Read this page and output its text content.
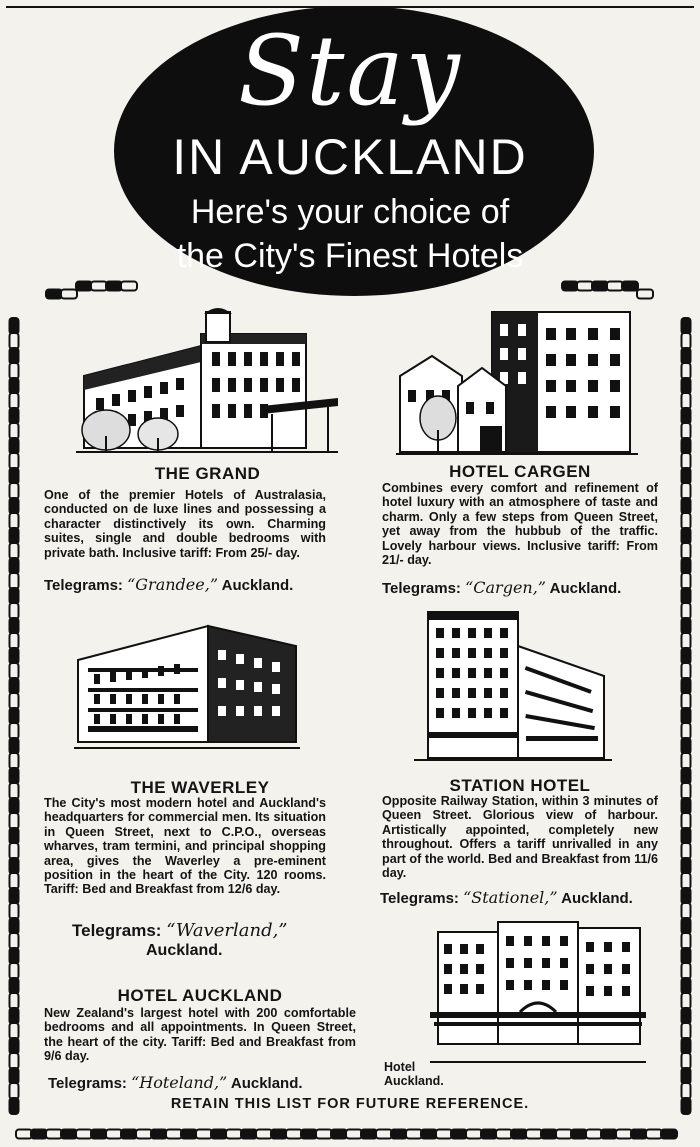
Stay
IN AUCKLAND
Here's your choice of
the City's Finest Hotels
THE GRAND

One of the premier Hotels of Australasia, conducted on de luxe lines and possessing a character distinctively its own. Charming suites, single and double bedrooms with private bath. Inclusive tariff: From 25/- day.

Telegrams: “Grandee,” Auckland.
HOTEL CARGEN

Combines every comfort and refinement of hotel luxury with an atmosphere of taste and charm. Only a few steps from Queen Street, yet away from the hubbub of the traffic. Lovely harbour views. Inclusive tariff: From 21/- day.

Telegrams: “Cargen,” Auckland.
THE WAVERLEY

The City's most modern hotel and Auckland's headquarters for commercial men. Its situation in Queen Street, next to C.P.O., overseas wharves, tram termini, and principal shopping area, gives the Waverley a pre-eminent position in the heart of the City. 120 rooms. Tariff: Bed and Breakfast from 12/6 day.

Telegrams: “Waverland,”
Auckland.
STATION HOTEL

Opposite Railway Station, within 3 minutes of Queen Street. Glorious view of harbour. Artistically appointed, completely new throughout. Offers a tariff unrivalled in any part of the world. Bed and Breakfast from 11/6 day.

Telegrams: “Stationel,” Auckland.
Hotel
Auckland.
HOTEL AUCKLAND

New Zealand's largest hotel with 200 comfortable bedrooms and all appointments. In Queen Street, the heart of the city. Tariff: Bed and Breakfast from 9/6 day.

Telegrams: “Hoteland,” Auckland.
RETAIN THIS LIST FOR FUTURE REFERENCE.
